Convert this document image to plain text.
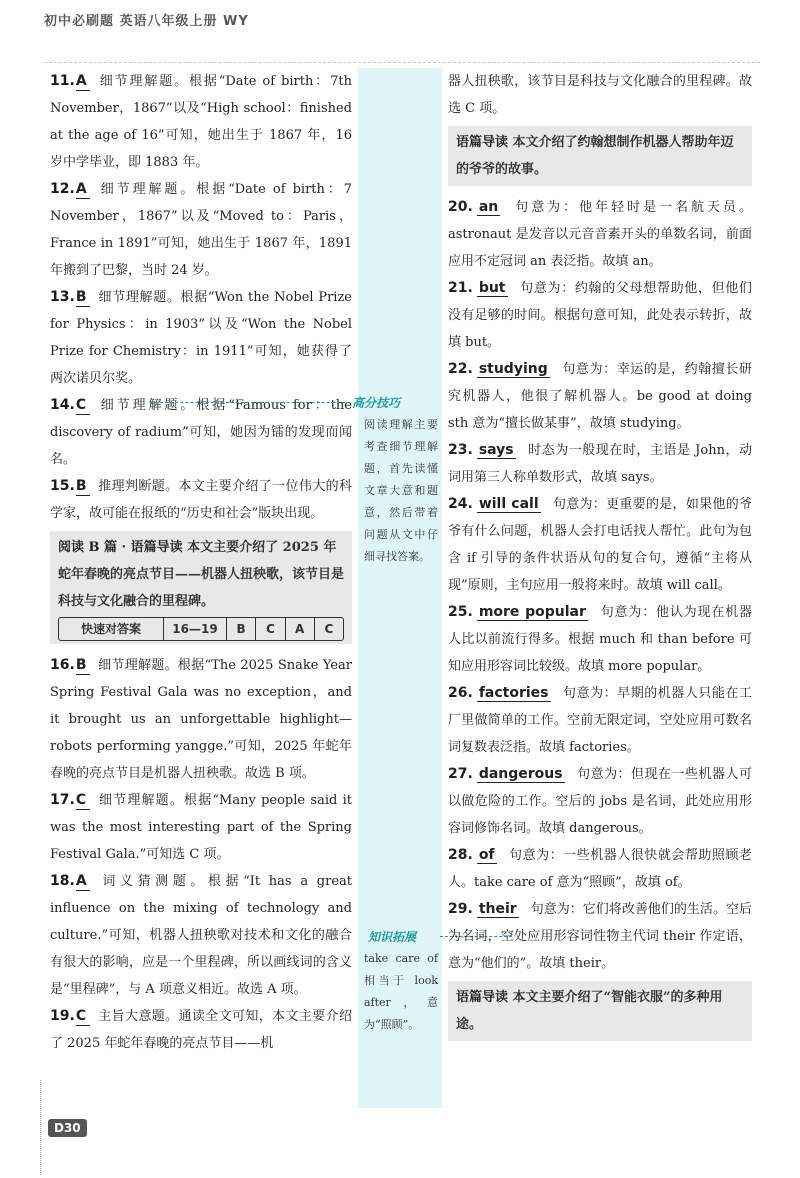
初中必刷题 英语八年级上册 WY
11.A 细节理解题。根据“Date of birth：7th November，1867”以及“High school：finished at the age of 16”可知，她出生于 1867 年，16 岁中学毕业，即 1883 年。
12.A 细节理解题。根据“Date of birth：7 November，1867”以及“Moved to：Paris，France in 1891”可知，她出生于 1867 年，1891 年搬到了巴黎，当时 24 岁。
13.B 细节理解题。根据“Won the Nobel Prize for Physics：in 1903”以及“Won the Nobel Prize for Chemistry：in 1911”可知，她获得了两次诺贝尔奖。
14.C 细节理解题。根据“Famous for：the discovery of radium”可知，她因为镭的发现而闻名。
15.B 推理判断题。本文主要介绍了一位伟大的科学家，故可能在报纸的“历史和社会”版块出现。
阅读 B 篇 · 语篇导读 本文主要介绍了 2025 年蛇年春晚的亮点节目——机器人扭秧歌，该节目是科技与文化融合的里程碑。
快速对答案	16—19	B	C	A	C
16.B 细节理解题。根据“The 2025 Snake Year Spring Festival Gala was no exception，and it brought us an unforgettable highlight—robots performing yangge.”可知，2025 年蛇年春晚的亮点节目是机器人扭秧歌。故选 B 项。
17.C 细节理解题。根据“Many people said it was the most interesting part of the Spring Festival Gala.”可知选 C 项。
18.A 词义猜测题。根据“It has a great influence on the mixing of technology and culture.”可知，机器人扭秧歌对技术和文化的融合有很大的影响，应是一个里程碑，所以画线词的含义是“里程碑”，与 A 项意义相近。故选 A 项。
19.C 主旨大意题。通读全文可知，本文主要介绍了 2025 年蛇年春晚的亮点节目——机
高分技巧
阅读理解主要考查细节理解题，首先读懂文章大意和题意，然后带着问题从文中仔细寻找答案。
知识拓展
take care of 相当于 look after，意为“照顾”。
器人扭秧歌，该节目是科技与文化融合的里程碑。故选 C 项。
语篇导读 本文介绍了约翰想制作机器人帮助年迈的爷爷的故事。
20. an 句意为：他年轻时是一名航天员。astronaut 是发音以元音音素开头的单数名词，前面应用不定冠词 an 表泛指。故填 an。
21. but 句意为：约翰的父母想帮助他，但他们没有足够的时间。根据句意可知，此处表示转折，故填 but。
22. studying 句意为：幸运的是，约翰擅长研究机器人，他很了解机器人。be good at doing sth 意为“擅长做某事”，故填 studying。
23. says 时态为一般现在时，主语是 John，动词用第三人称单数形式，故填 says。
24. will call 句意为：更重要的是，如果他的爷爷有什么问题，机器人会打电话找人帮忙。此句为包含 if 引导的条件状语从句的复合句，遵循“主将从现”原则，主句应用一般将来时。故填 will call。
25. more popular 句意为：他认为现在机器人比以前流行得多。根据 much 和 than before 可知应用形容词比较级。故填 more popular。
26. factories 句意为：早期的机器人只能在工厂里做简单的工作。空前无限定词，空处应用可数名词复数表泛指。故填 factories。
27. dangerous 句意为：但现在一些机器人可以做危险的工作。空后的 jobs 是名词，此处应用形容词修饰名词。故填 dangerous。
28. of 句意为：一些机器人很快就会帮助照顾老人。take care of 意为“照顾”，故填 of。
29. their 句意为：它们将改善他们的生活。空后为名词，空处应用形容词性物主代词 their 作定语，意为“他们的”。故填 their。
语篇导读 本文主要介绍了“智能衣服”的多种用途。
D30
